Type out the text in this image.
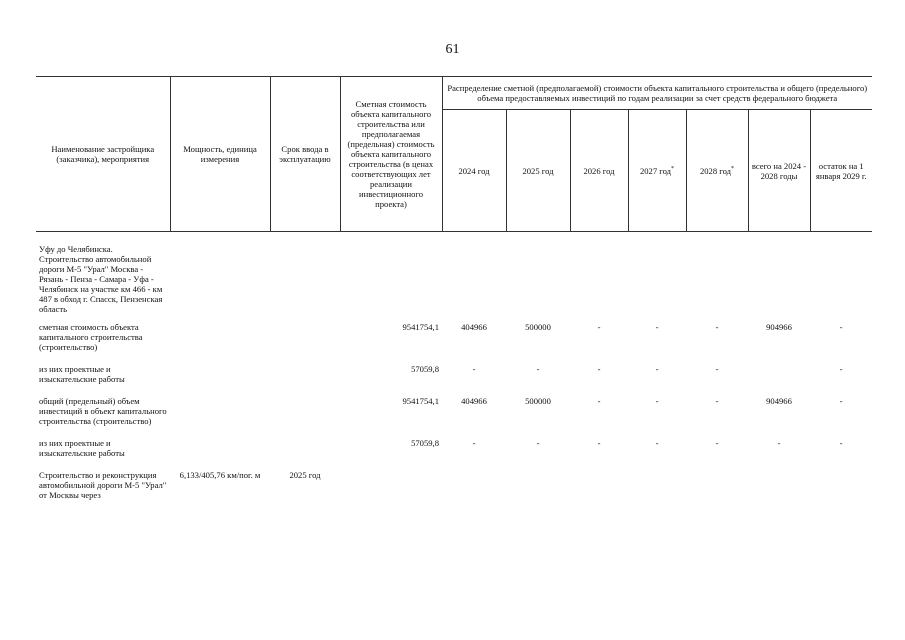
61
Наименование застройщика (заказчика), мероприятия	Мощность, единица измерения	Срок ввода в эксплуатацию	Сметная стоимость объекта капитального строительства или предполагаемая (предельная) стоимость объекта капитального строительства (в ценах соответствующих лет реализации инвестиционного проекта)	Распределение сметной (предполагаемой) стоимости объекта капитального строительства и общего (предельного) объема предоставляемых инвестиций по годам реализации за счет средств федерального бюджета						
				2024 год	2025 год	2026 год	2027 год*	2028 год*	всего на 2024 - 2028 годы	остаток на 1 января 2029 г.

Уфу до Челябинска. Строительство автомобильной дороги М-5 "Урал" Москва - Рязань - Пенза - Самара - Уфа - Челябинск на участке км 466 - км 487 в обход г. Спасск, Пензенская область										
сметная стоимость объекта капитального строительства (строительство)			9541754,1	404966	500000	-	-	-	904966	-
из них проектные и изыскательские работы			57059,8	-	-	-	-	-		-
общий (предельный) объем инвестиций в объект капитального строительства (строительство)			9541754,1	404966	500000	-	-	-	904966	-
из них проектные и изыскательские работы			57059,8	-	-	-	-	-	-	-
Строительство и реконструкция автомобильной дороги М-5 "Урал" от Москвы через	6,133/405,76 км/пог. м	2025 год								
